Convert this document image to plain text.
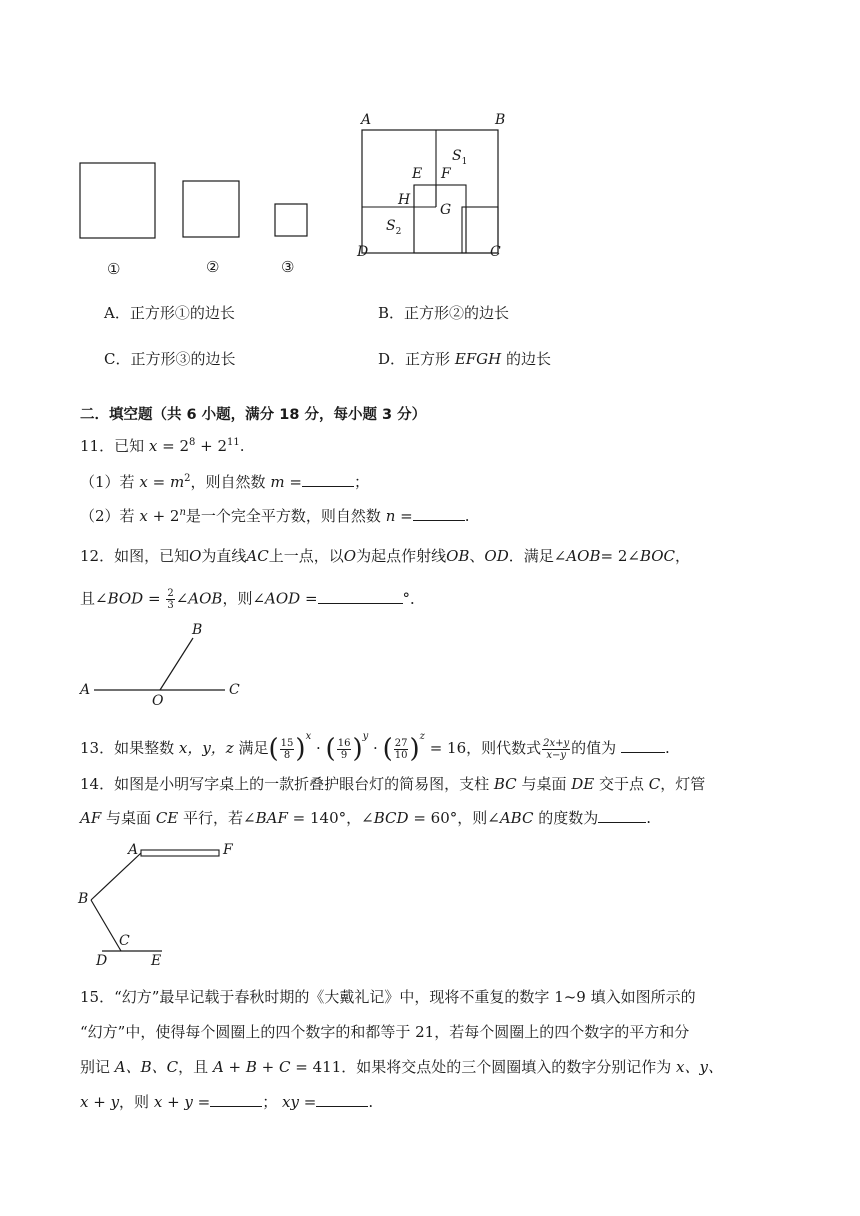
①	②	③
A	B
C
D
E F
G
H
$S_1$
$S_2$
A．正方形①的边长	B．正方形②的边长
C．正方形③的边长	D．正方形 EFGH 的边长
二．填空题（共 6 小题，满分 18 分，每小题 3 分）
11．已知 $x = 2^8 + 2^{11}$.
（1）若 $x = m^2$，则自然数 m =	；
（2）若 $x + 2^n$是一个完全平方数，则自然数 n =	.
12．如图，已知O为直线AC上一点，以O为起点作射线OB、OD．满足∠AOB= 2∠BOC，
且∠BOD = $\frac{2}{3}$ ∠AOB，则∠AOD =	°．
A
B
C
O
13．如果整数 x，y，z 满足( $\frac{15}{8} )^x$ · ( $\frac{16}{9} )^y$ · ( $\frac{27}{10} )^z = 16$，则代数式 $\frac{2x+y}{x-y}$ 的值为	.
14．如图是小明写字桌上的一款折叠护眼台灯的简易图，支柱 BC 与桌面 DE 交于点 C，灯管
AF 与桌面 CE 平行，若∠BAF = 140°，∠BCD = 60°，则∠ABC 的度数为	.
A	F
B
C
D	E
15．“幻方”最早记载于春秋时期的《大戴礼记》中，现将不重复的数字 1~9 填入如图所示的
“幻方”中，使得每个圆圈上的四个数字的和都等于 21，若每个圆圈上的四个数字的平方和分
别记 A、B、C，且 A + B + C = 411．如果将交点处的三个圆圈填入的数字分别记作为 x、y、
x + y，则 x + y =	； xy =	.
